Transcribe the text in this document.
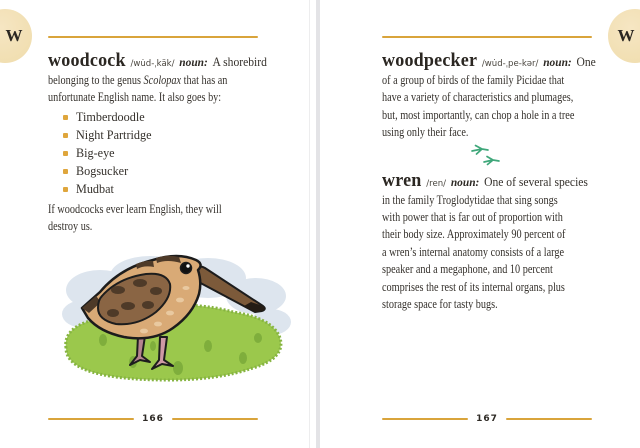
W
woodcock /wu̇d-ˌkäk/ noun: A shorebird
belonging to the genus Scolopax that has an
unfortunate English name. It also goes by:
Timberdoodle
Night Partridge
Big-eye
Bogsucker
Mudbat
If woodcocks ever learn English, they will
destroy us.
166
W
woodpecker /wu̇d-ˌpe-kər/ noun: One
of a group of birds of the family Picidae that
have a variety of characteristics and plumages,
but, most importantly, can chop a hole in a tree
using only their face.
wren /ren/ noun: One of several species
in the family Troglodytidae that sing songs
with power that is far out of proportion with
their body size. Approximately 90 percent of
a wren’s internal anatomy consists of a large
speaker and a megaphone, and 10 percent
comprises the rest of its internal organs, plus
storage space for tasty bugs.
167
